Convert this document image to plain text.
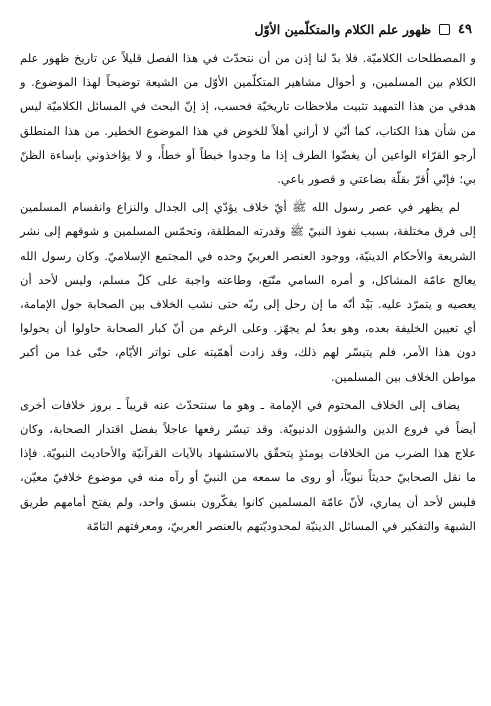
ظهور علم الكلام والمتكلّمين الأوّل ٤٩

و المصطلحات الكلاميّة. فلا بدّ لنا إذن من أن نتحدّث في هذا الفصل قليلاً عن تاريخ ظهور علم الكلام بين المسلمين، و أحوال مشاهير المتكلّمين الأوّل من الشيعة توضيحاً لهذا الموضوع. و هدفي من هذا التمهيد تثبيت ملاحظات تاريخيّة فحسب، إذ إنّ البحث في المسائل الكلاميّة ليس من شأن هذا الكتاب، كما أنّي لا أراني أهلاً للخوض في هذا الموضوع الخطير. من هذا المنطلق أرجو القرّاء الواعين أن يغضّوا الطرف إذا ما وجدوا خبطاً أو خطأً، و لا يؤاخذوني بإساءة الظنّ بي؛ فإنّي أُقرّ بقلّة بضاعتي و قصور باعي.

لم يظهر في عصر رسول الله ﷺ أيّ خلاف يؤدّي إلى الجدال والنزاع وانقسام المسلمين إلى فرق مختلفة، بسبب نفوذ النبيّ ﷺ وقدرته المطلقة، وتحمّس المسلمين و شوقهم إلى نشر الشريعة والأحكام الدينيّة، ووجود العنصر العربيّ وحده في المجتمع الإسلاميّ. وكان رسول الله يعالج عامّة المشاكل، و أمره السامي متّبَع، وطاعته واجبة على كلّ مسلم، وليس لأحد أن يعصيه و يتمرّد عليه. بَيْد أنّه ما إن رحل إلى ربّه حتى نشب الخلاف بين الصحابة حول الإمامة، أي تعيين الخليفة بعده، وهو بعدُ لم يجهّز. وعلى الرغم من أنّ كبار الصحابة حاولوا أن يحولوا دون هذا الأمر، فلم يتيسّر لهم ذلك، وقد زادت أهمّيته على تواتر الأيّام، حتّى غدا من أكبر مواطن الخلاف بين المسلمين.

يضاف إلى الخلاف المحتوم في الإمامة ـ وهو ما سنتحدّث عنه قريباً ـ بروز خلافات أخرى أيضاً في فروع الدين والشؤون الدنيويّة. وقد تيسّر رفعها عاجلاً بفضل اقتدار الصحابة، وكان علاج هذا الضرب من الخلافات يومئذٍ يتحقّق بالاستشهاد بالآيات القرآنيّة والأحاديث النبويّة. فإذا ما نقل الصحابيّ حديثاً نبويّاً، أو روى ما سمعه من النبيّ أو رآه منه في موضوع خلافيّ معيّن، فليس لأحد أن يماري، لأنّ عامّة المسلمين كانوا يفكّرون بنسق واحد، ولم يفتح أمامهم طريق الشبهة والتفكير في المسائل الدينيّة لمحدوديّتهم بالعنصر العربيّ، ومعرفتهم التامّة
